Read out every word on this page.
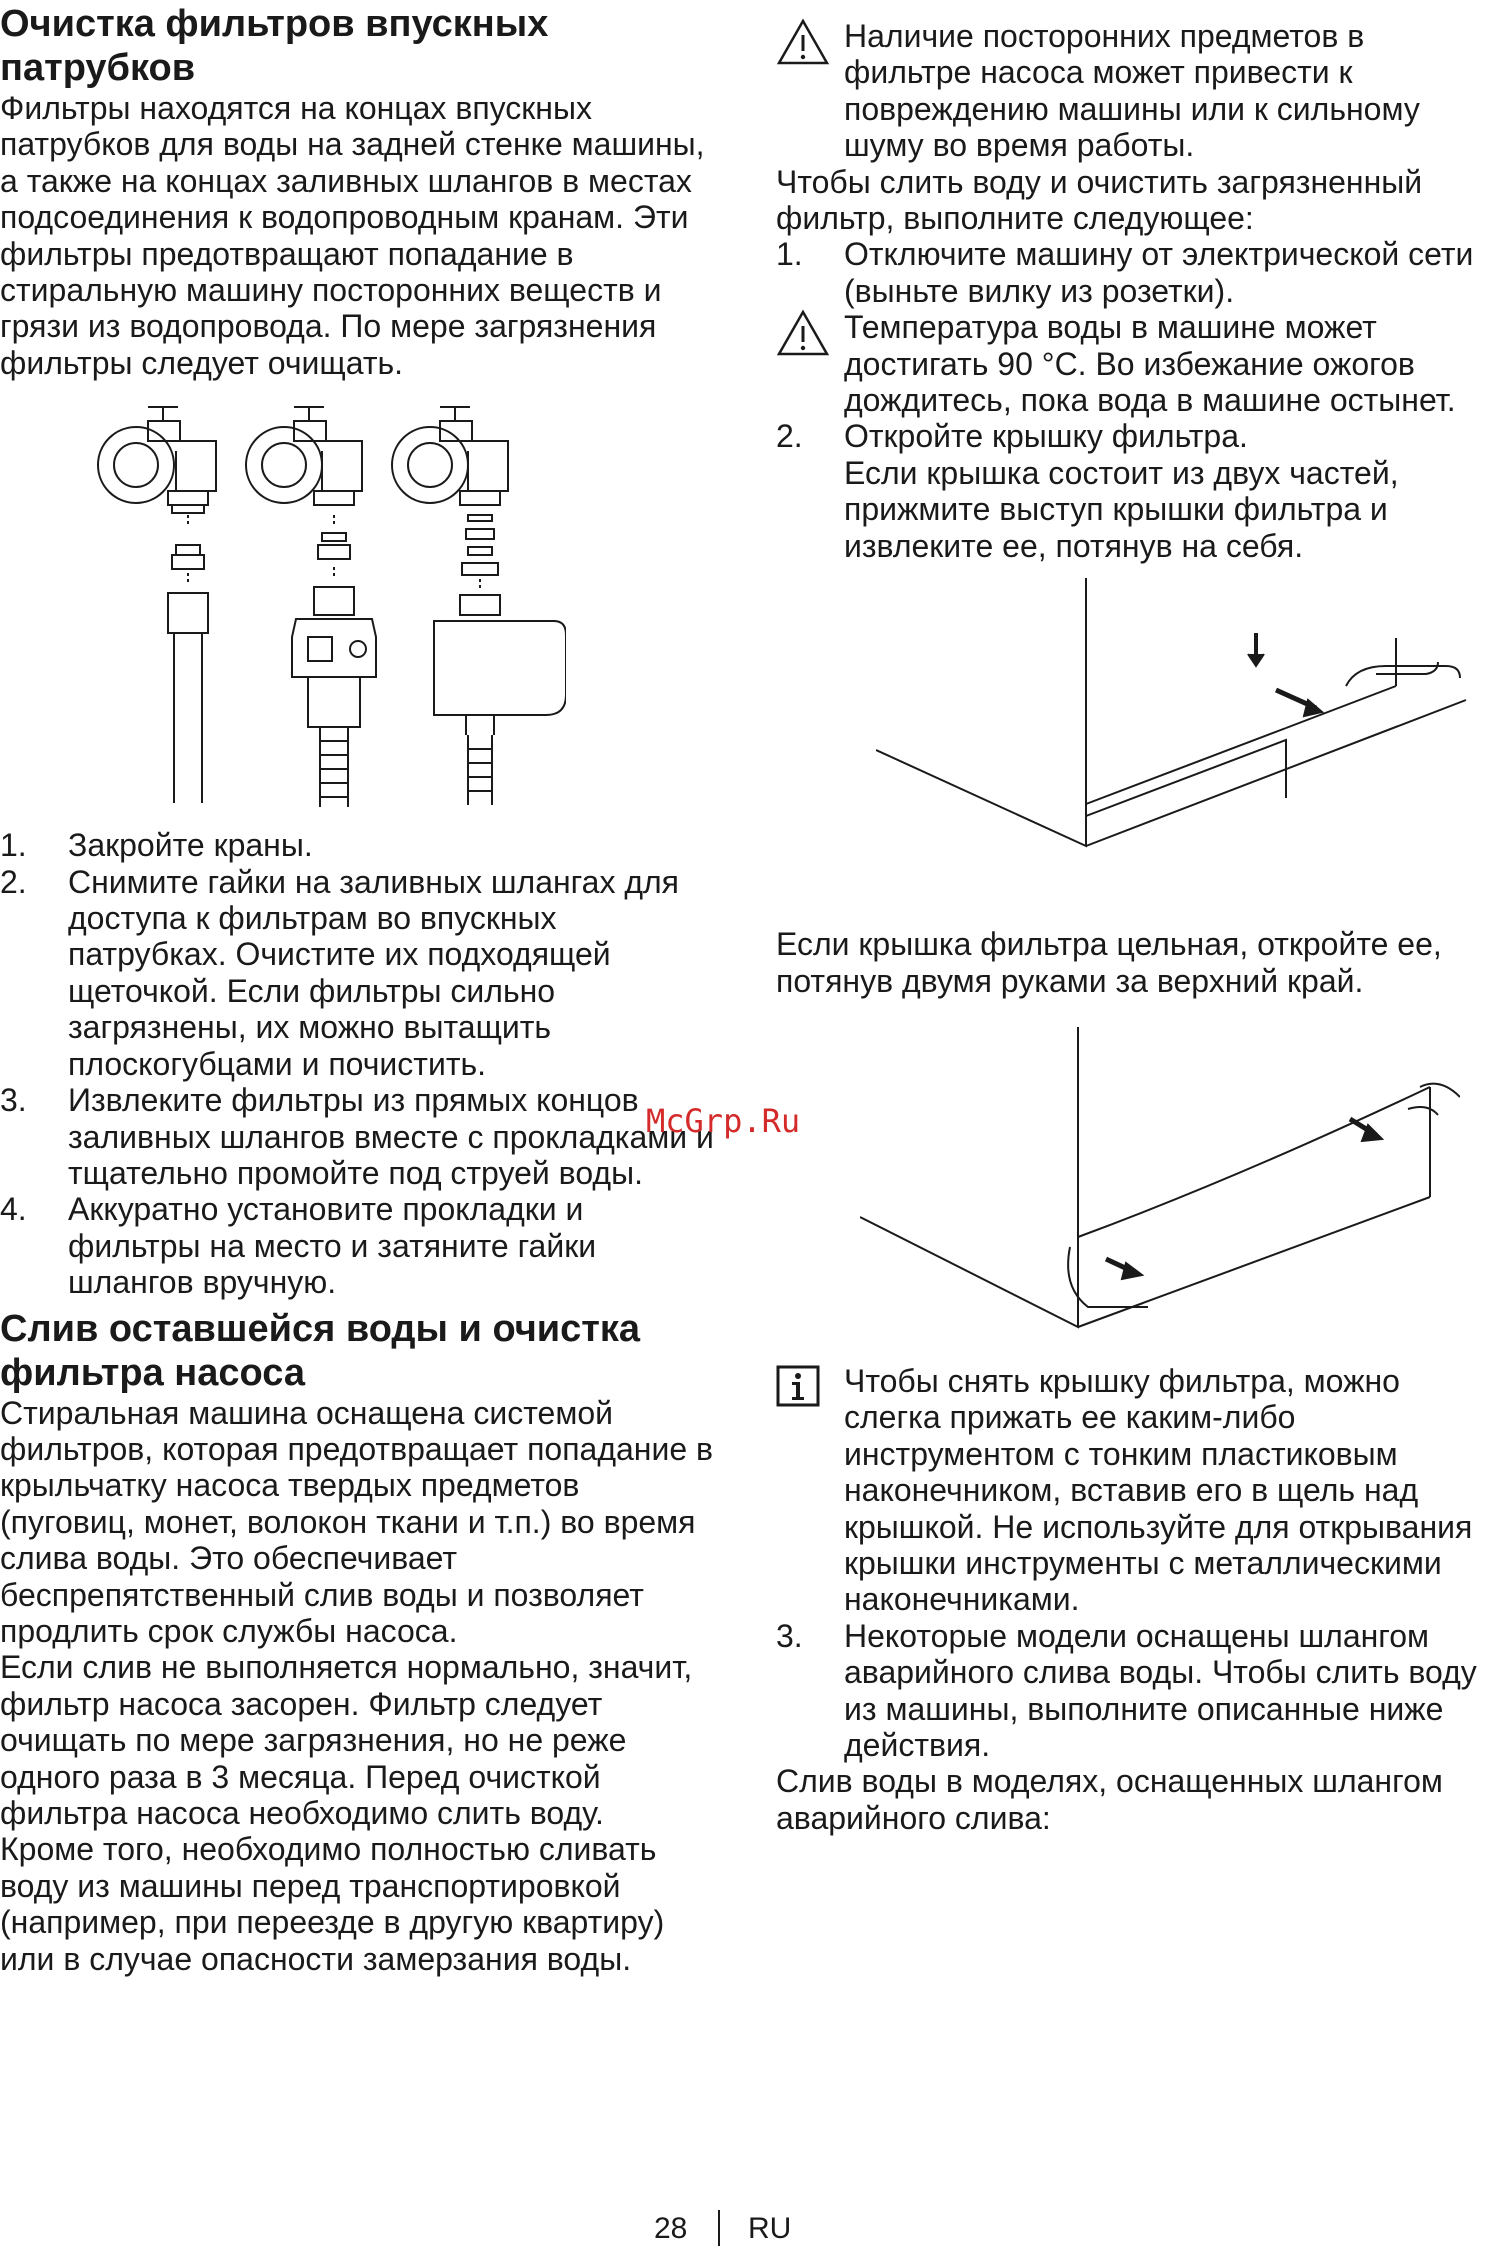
Очистка фильтров впускных патрубков

Фильтры находятся на концах впускных патрубков для воды на задней стенке машины, а также на концах заливных шлангов в местах подсоединения к водопроводным кранам. Эти фильтры предотвращают попадание в стиральную машину посторонних веществ и грязи из водопровода. По мере загрязнения фильтры следует очищать.

1. Закройте краны.
2. Снимите гайки на заливных шлангах для доступа к фильтрам во впускных патрубках. Очистите их подходящей щеточкой. Если фильтры сильно загрязнены, их можно вытащить плоскогубцами и почистить.
3. Извлеките фильтры из прямых концов заливных шлангов вместе с прокладками и тщательно промойте под струей воды.
4. Аккуратно установите прокладки и фильтры на место и затяните гайки шлангов вручную.
Слив оставшейся воды и очистка фильтра насоса

Стиральная машина оснащена системой фильтров, которая предотвращает попадание в крыльчатку насоса твердых предметов (пуговиц, монет, волокон ткани и т.п.) во время слива воды. Это обеспечивает беспрепятственный слив воды и позволяет продлить срок службы насоса.

Если слив не выполняется нормально, значит, фильтр насоса засорен. Фильтр следует очищать по мере загрязнения, но не реже одного раза в 3 месяца. Перед очисткой фильтра насоса необходимо слить воду.

Кроме того, необходимо полностью сливать воду из машины перед транспортировкой (например, при переезде в другую квартиру) или в случае опасности замерзания воды.

Наличие посторонних предметов в фильтре насоса может привести к повреждению машины или к сильному шуму во время работы.

Чтобы слить воду и очистить загрязненный фильтр, выполните следующее:

1. Отключите машину от электрической сети (выньте вилку из розетки).
Температура воды в машине может достигать 90 °C. Во избежание ожогов дождитесь, пока вода в машине остынет.
2. Откройте крышку фильтра.

Если крышка состоит из двух частей, прижмите выступ крышки фильтра и извлеките ее, потянув на себя.

Если крышка фильтра цельная, откройте ее, потянув двумя руками за верхний край.

Чтобы снять крышку фильтра, можно слегка прижать ее каким-либо инструментом с тонким пластиковым наконечником, вставив его в щель над крышкой. Не используйте для открывания крышки инструменты с металлическими наконечниками.
3. Некоторые модели оснащены шлангом аварийного слива воды. Чтобы слить воду из машины, выполните описанные ниже действия.

Слив воды в моделях, оснащенных шлангом аварийного слива:

McGrp.Ru
28 RU
